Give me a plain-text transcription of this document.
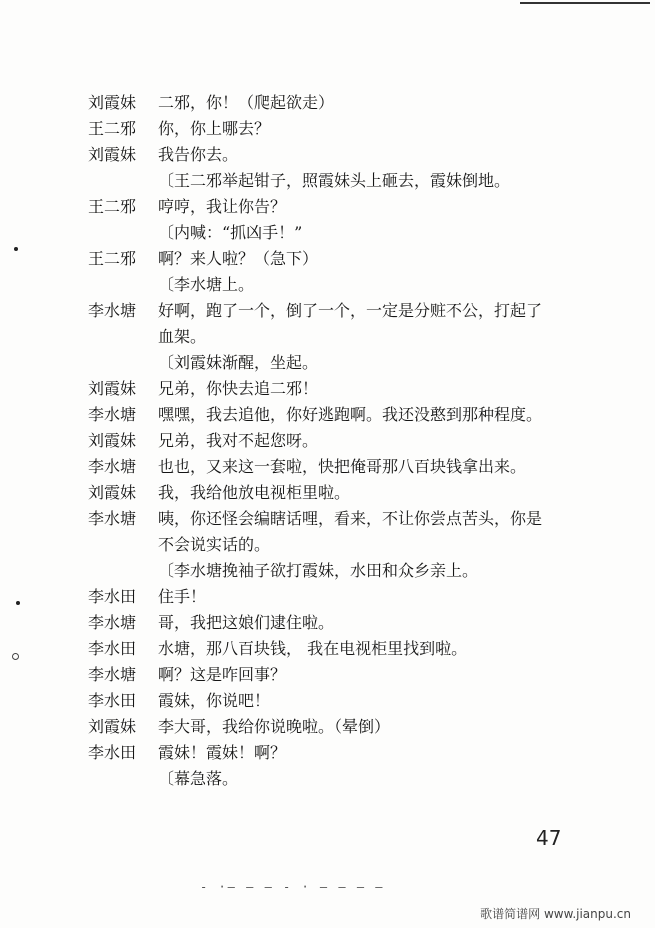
刘霞妹	二邪，你！（爬起欲走）
王二邪	你，你上哪去？
刘霞妹	我告你去。
〔王二邪举起钳子，照霞妹头上砸去，霞妹倒地。
王二邪	哼哼，我让你告？
〔内喊：“抓凶手！”
王二邪	啊？来人啦？（急下）
〔李水塘上。
李水塘	好啊，跑了一个，倒了一个，一定是分赃不公，打起了
血架。
〔刘霞妹渐醒，坐起。
刘霞妹	兄弟，你快去追二邪！
李水塘	嘿嘿，我去追他，你好逃跑啊。我还没憨到那种程度。
刘霞妹	兄弟，我对不起您呀。
李水塘	也也，又来这一套啦，快把俺哥那八百块钱拿出来。
刘霞妹	我，我给他放电视柜里啦。
李水塘	咦，你还怪会编瞎话哩，看来，不让你尝点苦头，你是
不会说实话的。
〔李水塘挽袖子欲打霞妹，水田和众乡亲上。
李水田	住手！
李水塘	哥，我把这娘们逮住啦。
李水田	水塘，那八百块钱， 我在电视柜里找到啦。
李水塘	啊？这是咋回事？
李水田	霞妹，你说吧！
刘霞妹	李大哥，我给你说晚啦。（晕倒）
李水田	霞妹！霞妹！啊？
〔幕急落。
47
- ·— — — - · — — — —
歌谱简谱网 www.jianpu.cn
